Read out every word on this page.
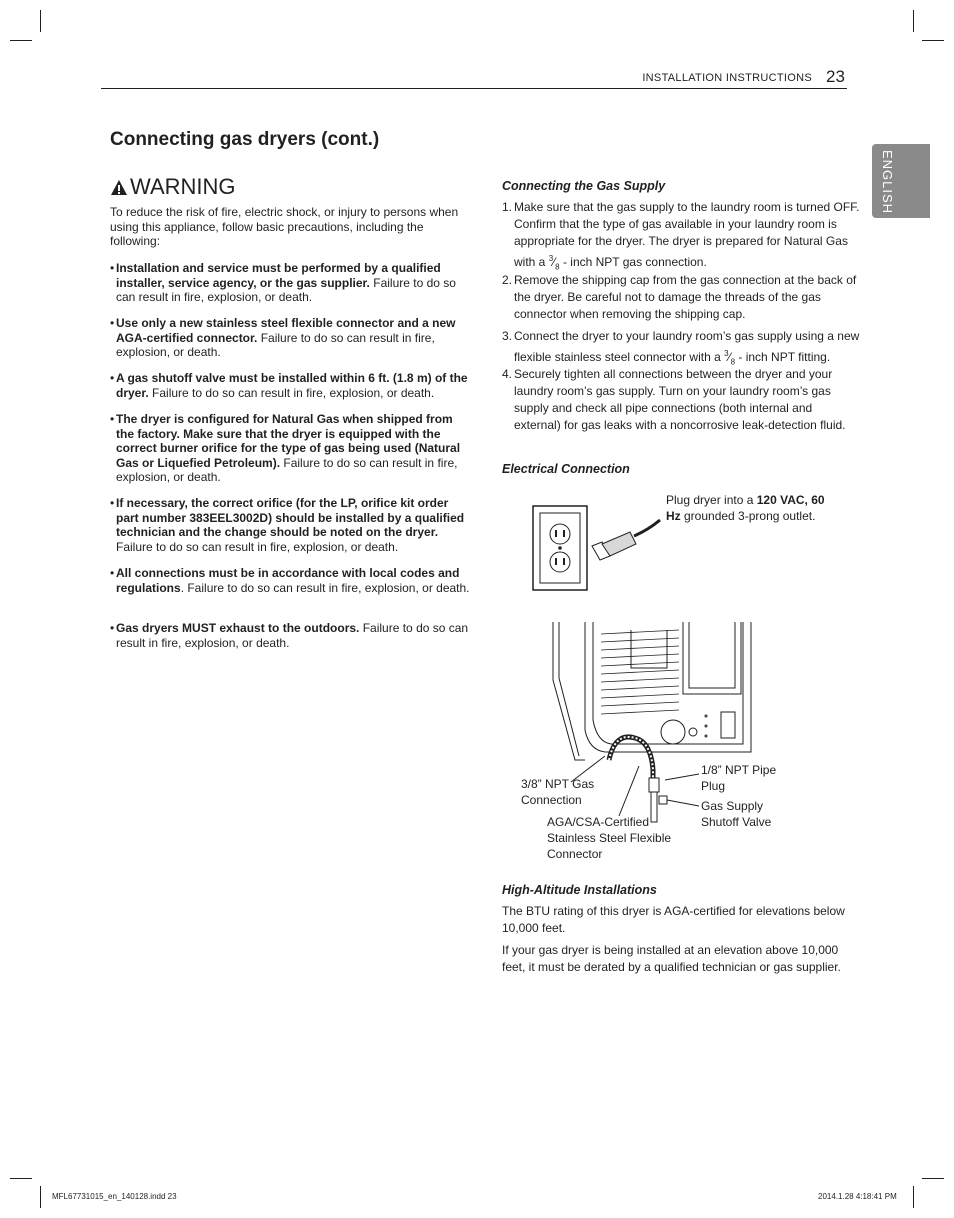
INSTALLATION INSTRUCTIONS 23
ENGLISH
Connecting gas dryers (cont.)
WARNING
To reduce the risk of fire, electric shock, or injury to persons when using this appliance, follow basic precautions, including the following:
• Installation and service must be performed by a qualified installer, service agency, or the gas supplier. Failure to do so can result in fire, explosion, or death.
• Use only a new stainless steel flexible connector and a new AGA-certified connector. Failure to do so can result in fire, explosion, or death.
• A gas shutoff valve must be installed within 6 ft. (1.8 m) of the dryer. Failure to do so can result in fire, explosion, or death.
• The dryer is configured for Natural Gas when shipped from the factory. Make sure that the dryer is equipped with the correct burner orifice for the type of gas being used (Natural Gas or Liquefied Petroleum). Failure to do so can result in fire, explosion, or death.
• If necessary, the correct orifice (for the LP, orifice kit order part number 383EEL3002D) should be installed by a qualified technician and the change should be noted on the dryer. Failure to do so can result in fire, explosion, or death.
• All connections must be in accordance with local codes and regulations. Failure to do so can result in fire, explosion, or death.
• Gas dryers MUST exhaust to the outdoors. Failure to do so can result in fire, explosion, or death.
Connecting the Gas Supply
1. Make sure that the gas supply to the laundry room is turned OFF. Confirm that the type of gas available in your laundry room is appropriate for the dryer. The dryer is prepared for Natural Gas with a $^3⁄_8$ - inch NPT gas connection.
2. Remove the shipping cap from the gas connection at the back of the dryer. Be careful not to damage the threads of the gas connector when removing the shipping cap.
3. Connect the dryer to your laundry room’s gas supply using a new flexible stainless steel connector with a $^3⁄_8$ - inch NPT fitting.
4. Securely tighten all connections between the dryer and your laundry room’s gas supply. Turn on your laundry room’s gas supply and check all pipe connections (both internal and external) for gas leaks with a noncorrosive leak-detection fluid.
Electrical Connection
Plug dryer into a 120 VAC, 60 Hz grounded 3-prong outlet.
3/8” NPT Gas Connection
AGA/CSA-Certified Stainless Steel Flexible Connector
1/8” NPT Pipe Plug
Gas Supply Shutoff Valve
High-Altitude Installations
The BTU rating of this dryer is AGA-certified for elevations below 10,000 feet.
If your gas dryer is being installed at an elevation above 10,000 feet, it must be derated by a qualified technician or gas supplier.
MFL67731015_en_140128.indd 23	2014.1.28 4:18:41 PM
